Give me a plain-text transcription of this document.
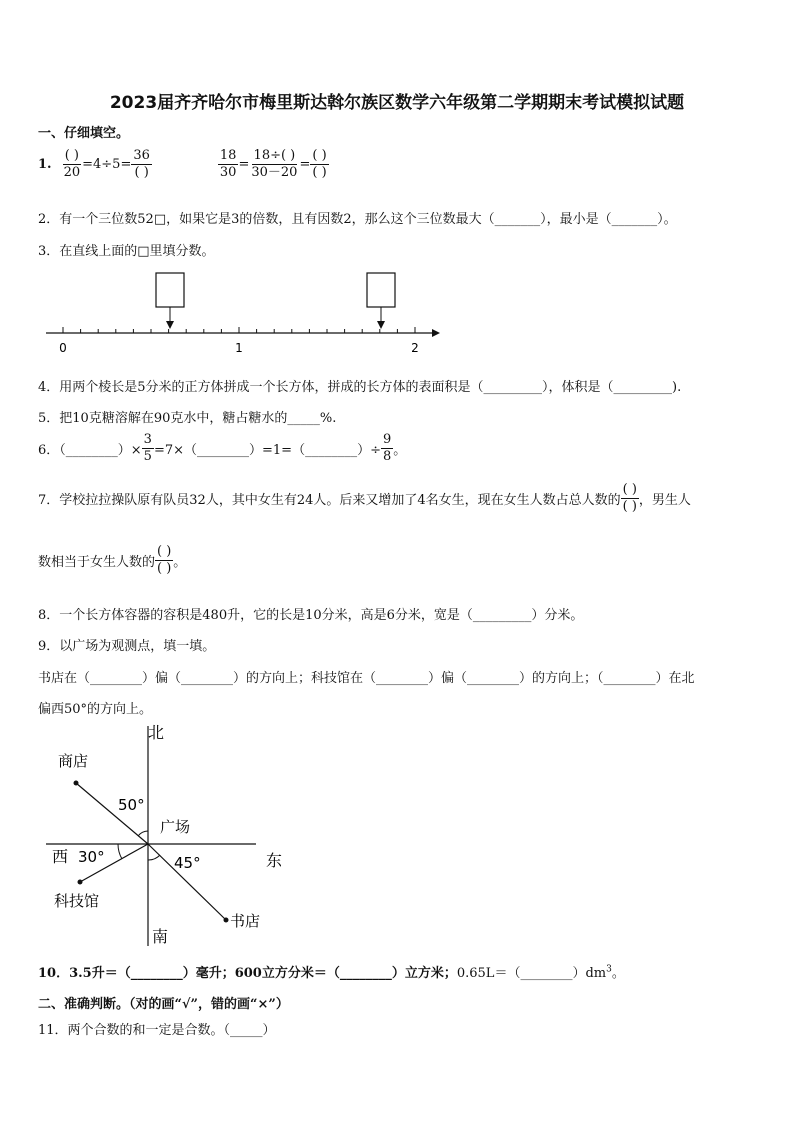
2023届齐齐哈尔市梅里斯达斡尔族区数学六年级第二学期期末考试模拟试题
一、仔细填空。
1. $\frac{( )}{20} =4\div 5= \frac{36}{( )}$	$\frac{18}{30} = \frac{18\div( )}{30-20} = \frac{( )}{( )}$
2．有一个三位数52□，如果它是3的倍数，且有因数2，那么这个三位数最大（_______），最小是（_______）。
3．在直线上面的□里填分数。
0	1	2
4．用两个棱长是5分米的正方体拼成一个长方体，拼成的长方体的表面积是（_________），体积是（_________).
5．把10克糖溶解在90克水中，糖占糖水的_____%.
6．（________）× $\frac{3}{5}$ =7×（________）=1=（________）÷ $\frac{9}{8}$ 。
7．学校拉拉操队原有队员32人，其中女生有24人。后来又增加了4名女生，现在女生人数占总人数的 $\frac{( )}{( )}$ ，男生人
数相当于女生人数的 $\frac{( )}{( )}$ 。
8．一个长方体容器的容积是480升，它的长是10分米，高是6分米，宽是（_________）分米。
9．以广场为观测点，填一填。
书店在（________）偏（________）的方向上；科技馆在（________）偏（________）的方向上；（________）在北
偏西50°的方向上。
北
南
东
西
广场
商店
科技馆
书店
50°
30°	45°
10．3.5升＝（________）毫升；600立方分米＝（________）立方米；$0.65L=(\_\_\_\_\_\_\_\_)dm^3$。
二、准确判断。（对的画“√”，错的画“×”）
11．两个合数的和一定是合数。（_____）
